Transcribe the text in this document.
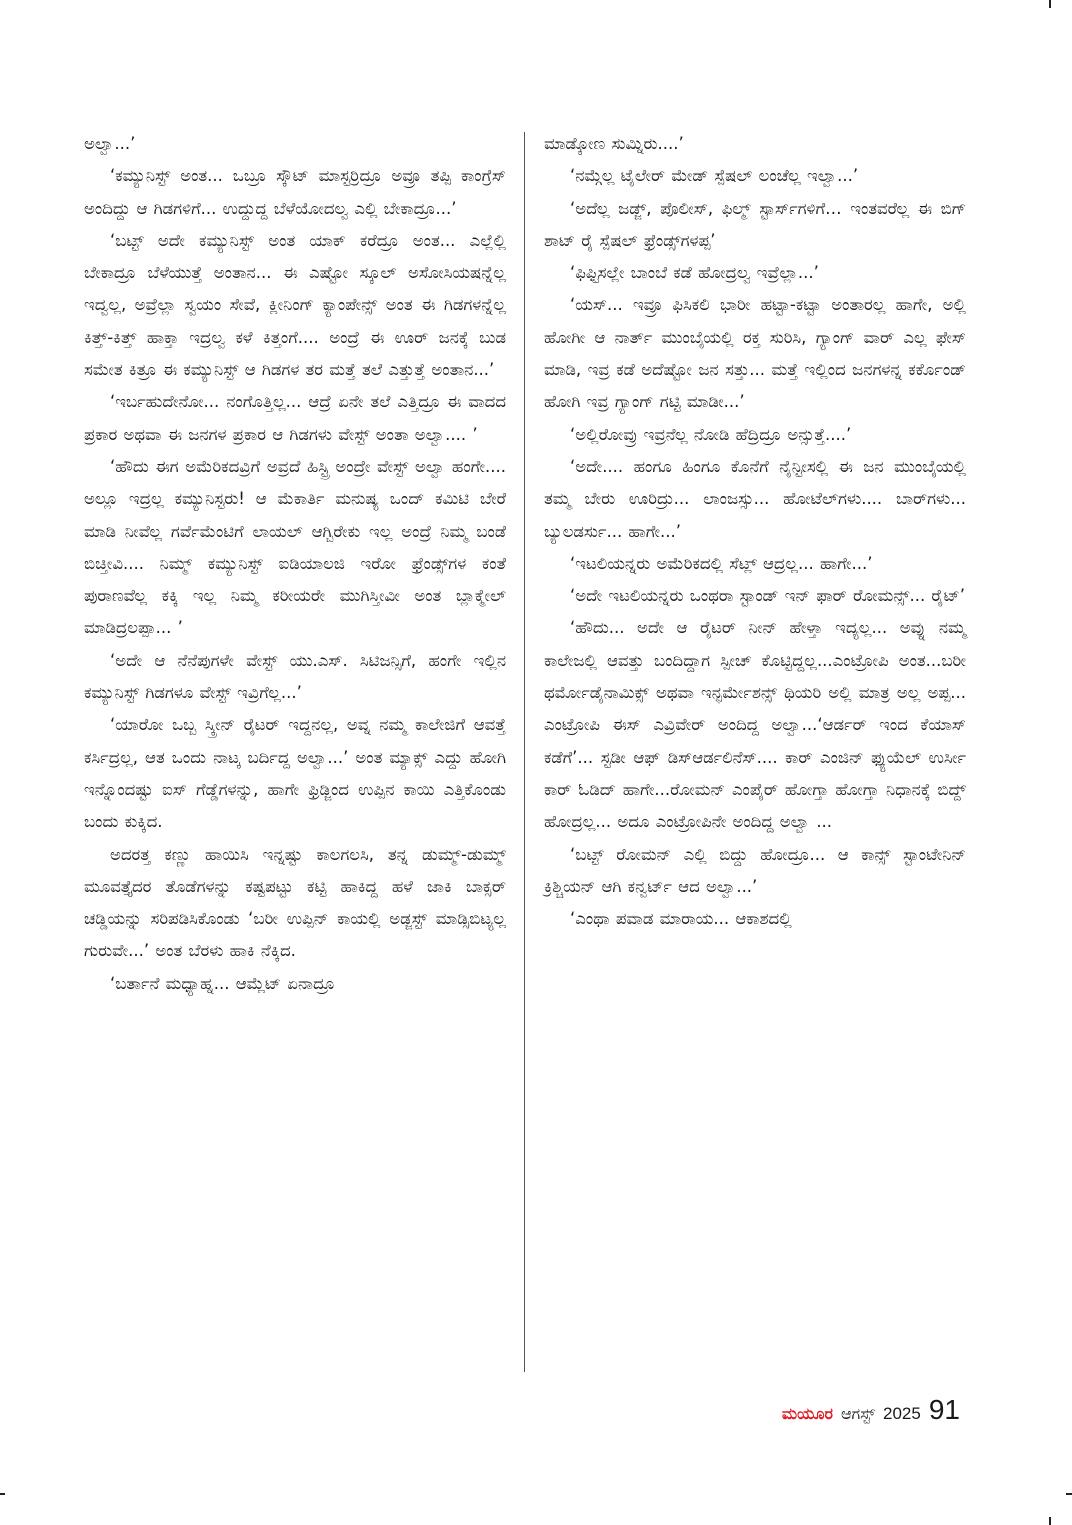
ಅಲ್ವಾ...’

‘ಕಮ್ಯುನಿಸ್ಟ್ ಅಂತ... ಒಬ್ರೂ ಸ್ಕೌಟ್ ಮಾಸ್ಟರ್ರಿದ್ರೂ ಅವ್ರೂ ತಪ್ಪಿ ಕಾಂಗ್ರೆಸ್ ಅಂದಿದ್ದು ಆ ಗಿಡಗಳಿಗೆ... ಉದ್ದುದ್ದ ಬೆಳೆಯೋದಲ್ವ ಎಲ್ಲಿ ಬೇಕಾದ್ರೂ...’

‘ಬಟ್ಟ್ ಅದೇ ಕಮ್ಯುನಿಸ್ಟ್ ಅಂತ ಯಾಕ್ ಕರೆದ್ರೂ ಅಂತ... ಎಲ್ಲೆಲ್ಲಿ ಬೇಕಾದ್ರೂ ಬೆಳೆಯುತ್ತೆ ಅಂತಾನ... ಈ ಎಷ್ಟೋ ಸ್ಕೂಲ್ ಅಸೋಸಿಯಷನ್ನೆಲ್ಲ ಇದ್ವಲ್ಲ, ಅವ್ರೆಲ್ಲಾ ಸ್ವಯಂ ಸೇವೆ, ಕ್ಲೀನಿಂಗ್ ಕ್ಯಾಂಪೇನ್ಸ್ ಅಂತ ಈ ಗಿಡಗಳನ್ನೆಲ್ಲ ಕಿತ್ತ್-ಕಿತ್ತ್ ಹಾಕ್ತಾ ಇದ್ರಲ್ವ ಕಳೆ ಕಿತ್ತಂಗೆ.... ಅಂದ್ರೆ ಈ ಊರ್ ಜನಕ್ಕೆ ಬುಡ ಸಮೇತ ಕಿತ್ರೂ ಈ ಕಮ್ಯುನಿಸ್ಟ್ ಆ ಗಿಡಗಳ ತರ ಮತ್ತೆ ತಲೆ ಎತ್ತುತ್ತೆ ಅಂತಾನ...’

‘ಇರ್ಬಹುದೇನೋ... ನಂಗೊತ್ತಿಲ್ಲ... ಆದ್ರೆ ಏನೇ ತಲೆ ಎತ್ತಿದ್ರೂ ಈ ವಾದದ ಪ್ರಕಾರ ಅಥವಾ ಈ ಜನಗಳ ಪ್ರಕಾರ ಆ ಗಿಡಗಳು ವೇಸ್ಟ್ ಅಂತಾ ಅಲ್ವಾ.... ’

‘ಹೌದು ಈಗ ಅಮೆರಿಕದವ್ರಿಗೆ ಅವ್ರದೆ ಹಿಸ್ಟ್ರಿ ಅಂದ್ರೇ ವೇಸ್ಟ್ ಅಲ್ವಾ ಹಂಗೇ.... ಅಲ್ಲೂ ಇದ್ರಲ್ಲ ಕಮ್ಯುನಿಸ್ಟರು! ಆ ಮೆಕಾರ್ತಿ ಮನುಷ್ಯ ಒಂದ್ ಕಮಿಟಿ ಬೇರೆ ಮಾಡಿ ನೀವೆಲ್ಲ ಗರ್ವೆಮೆಂಟಿಗೆ ಲಾಯಲ್ ಆಗ್ಬಿರೇಕು ಇಲ್ಲ ಅಂದ್ರೆ ನಿಮ್ಮ ಬಂಡೆ ಬಿಚ್ತೀವಿ.... ನಿಮ್ಮ್ ಕಮ್ಯುನಿಸ್ಟ್ ಐಡಿಯಾಲಜಿ ಇರೋ ಫ್ರೆಂಡ್ಸ್‌ಗಳ ಕಂತೆ ಪುರಾಣವೆಲ್ಲ ಕಕ್ಕಿ ಇಲ್ಲ ನಿಮ್ಮ ಕರೀಯರೇ ಮುಗಿಸ್ತೀವೀ ಅಂತ ಬ್ಲಾಕ್ಮೇಲ್ ಮಾಡಿದ್ರಲಪ್ಪಾ... ’

‘ಅದೇ ಆ ನೆನೆಪುಗಳೇ ವೇಸ್ಟ್ ಯು.ಎಸ್. ಸಿಟಿಜನ್ಸಿಗೆ, ಹಂಗೇ ಇಲ್ಲಿನ ಕಮ್ಯುನಿಸ್ಟ್ ಗಿಡಗಳೂ ವೇಸ್ಟ್ ಇವ್ರಿಗೆಲ್ಲ...’

‘ಯಾರೋ ಒಬ್ಬ ಸ್ಕ್ರೀನ್ ರೈಟರ್ ಇದ್ದನಲ್ಲ, ಅವ್ನ ನಮ್ಮ ಕಾಲೇಜಿಗೆ ಆವತ್ತೆ ಕರ್ಸಿದ್ರಲ್ಲ, ಆತ ಒಂದು ನಾಟ್ಕ ಬರ್ದಿದ್ದ ಅಲ್ವಾ...’ ಅಂತ ಮ್ಯಾಕ್ಸ್ ಎದ್ದು ಹೋಗಿ ಇನ್ನೊಂದಷ್ಟು ಐಸ್ ಗೆಡ್ಡೆಗಳನ್ನು, ಹಾಗೇ ಫ್ರಿಡ್ಜಿಂದ ಉಪ್ಪಿನ ಕಾಯಿ ಎತ್ತಿಕೊಂಡು ಬಂದು ಕುಕ್ಕಿದ.

ಅದರತ್ತ ಕಣ್ಣು ಹಾಯಿಸಿ ಇನ್ನಷ್ಟು ಕಾಲಗಲಸಿ, ತನ್ನ ಡುಮ್ಮ್-ಡುಮ್ಮ್ ಮೂವತ್ತೈದರ ತೊಡೆಗಳನ್ನು ಕಷ್ಟಪಟ್ಟು ಕಟ್ಟಿ ಹಾಕಿದ್ದ ಹಳೆ ಜಾಕಿ ಬಾಕ್ಸರ್ ಚಡ್ಡಿಯನ್ನು ಸರಿಪಡಿಸಿಕೊಂಡು ‘ಬರೀ ಉಪ್ಪಿನ್ ಕಾಯಲ್ಲಿ ಅಡ್ಜಸ್ಟ್ ಮಾಡ್ಸಿಬಿಟ್ಯಲ್ಲ ಗುರುವೇ...’ ಅಂತ ಬೆರಳು ಹಾಕಿ ನೆಕ್ಕಿದ.

‘ಬರ್ತಾನೆ ಮಧ್ಯಾಹ್ನ... ಆಮ್ಲೆಟ್ ಏನಾದ್ರೂ

ಮಾಡ್ಕೋಣ ಸುಮ್ನಿರು....’

‘ನಮ್ಗೆಲ್ಲ ಟೈಲೇರ್ ಮೇಡ್ ಸ್ಪೆಷಲ್ ಲಂಚೆಲ್ಲ ಇಲ್ವಾ...’

‘ಅದೆಲ್ಲ ಜಡ್ಜ್, ಪೊಲೀಸ್, ಫಿಲ್ಮ್ ಸ್ಟಾರ್ಸ್‌ಗಳಿಗೆ… ಇಂತವರೆಲ್ಲ ಈ ಬಿಗ್ ಶಾಟ್ ರೈ ಸ್ಪೆಷಲ್ ಫ್ರೆಂಡ್ಸ್‌ಗಳಪ್ಪ’

‘ಫಿಫ್ಟಿಸಲ್ಲೇ ಬಾಂಬೆ ಕಡೆ ಹೋದ್ರಲ್ವ ಇವ್ರೆಲ್ಲಾ...’

‘ಯಸ್... ಇವ್ರೂ ಫಿಸಿಕಲಿ ಭಾರೀ ಹಟ್ಟಾ-ಕಟ್ಟಾ ಅಂತಾರಲ್ಲ ಹಾಗೇ, ಅಲ್ಲಿ ಹೋಗೀ ಆ ನಾರ್ತ್ ಮುಂಬೈಯಲ್ಲಿ ರಕ್ತ ಸುರಿಸಿ, ಗ್ಯಾಂಗ್ ವಾರ್ ಎಲ್ಲ ಫೇಸ್ ಮಾಡಿ, ಇವ್ರ ಕಡೆ ಅದೆಷ್ಟೋ ಜನ ಸತ್ತು... ಮತ್ತೆ ಇಲ್ಲಿಂದ ಜನಗಳನ್ನ ಕರ್ಕೊಂಡ್ ಹೋಗಿ ಇವ್ರ ಗ್ಯಾಂಗ್ ಗಟ್ಟಿ ಮಾಡೀ...’

‘ಅಲ್ಲಿರೋವ್ರು ಇವ್ರನೆಲ್ಲ ನೋಡಿ ಹೆದ್ರಿದ್ರೂ ಅನ್ಸುತ್ತೆ....’

‘ಅದೇ.... ಹಂಗೂ ಹಿಂಗೂ ಕೊನೆಗೆ ನೈನ್ಟೀಸಲ್ಲಿ ಈ ಜನ ಮುಂಬೈಯಲ್ಲಿ ತಮ್ಮ ಬೇರು ಊರಿದ್ರು... ಲಾಂಜಸ್ಸು... ಹೋಟೆಲ್‌ಗಳು.... ಬಾರ್‌ಗಳು... ಬ್ಯುಲಡರ್ಸು... ಹಾಗೇ...’

‘ಇಟಲಿಯನ್ನರು ಅಮೆರಿಕದಲ್ಲಿ ಸೆಟ್ಲ್ ಆದ್ರಲ್ಲ... ಹಾಗೇ...’

‘ಅದೇ ಇಟಲಿಯನ್ನರು ಒಂಥರಾ ಸ್ಟಾಂಡ್ ಇನ್ ಫಾರ್ ರೋಮನ್ಸ್... ರೈಟ್’

‘ಹೌದು... ಅದೇ ಆ ರೈಟರ್ ನೀನ್ ಹೇಳ್ತಾ ಇದ್ಯಲ್ಲ... ಅವ್ನು ನಮ್ಮ ಕಾಲೇಜಲ್ಲಿ ಆವತ್ತು ಬಂದಿದ್ದಾಗ ಸ್ಪೀಚ್ ಕೊಟ್ಟಿದ್ದಲ್ಲ...ಎಂಟ್ರೋಪಿ ಅಂತ...ಬರೀ ಥರ್ಮೋಡೈನಾಮಿಕ್ಸ್ ಅಥವಾ ಇನ್ಫರ್ಮೇಶನ್ಸ್ ಥಿಯರಿ ಅಲ್ಲಿ ಮಾತ್ರ ಅಲ್ಲ ಅಪ್ಪ... ಎಂಟ್ರೋಪಿ ಈಸ್ ಎವ್ರಿವೇರ್ ಅಂದಿದ್ದ ಅಲ್ವಾ...‘ಆರ್ಡರ್ ಇಂದ ಕೆಯಾಸ್ ಕಡೆಗೆ’... ಸ್ಟಡೀ ಆಫ್ ಡಿಸ್‌ಆರ್ಡಲಿನೆಸ್.... ಕಾರ್ ಎಂಜಿನ್ ಫ್ಯುಯೆಲ್ ಉರ್ಸೀ ಕಾರ್ ಓಡಿದ್ ಹಾಗೇ...ರೋಮನ್ ಎಂಪೈರ್ ಹೋಗ್ತಾ ಹೋಗ್ತಾ ನಿಧಾನಕ್ಕೆ ಬಿದ್ದ್ ಹೋದ್ರಲ್ಲ... ಅದೂ ಎಂಟ್ರೋಪಿನೇ ಅಂದಿದ್ದ ಅಲ್ವಾ ...

‘ಬಟ್ಟ್ ರೋಮನ್ ಎಲ್ಲಿ ಬಿದ್ದು ಹೋದ್ರೂ... ಆ ಕಾನ್ಸ್ ಸ್ಟಾಂಟೇನಿನ್ ಕ್ರಿಶ್ಚಿಯನ್ ಆಗಿ ಕನ್ವರ್ಟ್ ಆದ ಅಲ್ವಾ...’

‘ಎಂಥಾ ಪವಾಡ ಮಾರಾಯ... ಆಕಾಶದಲ್ಲಿ

ಮಯೂರ ಆಗಸ್ಟ್ 2025 91
